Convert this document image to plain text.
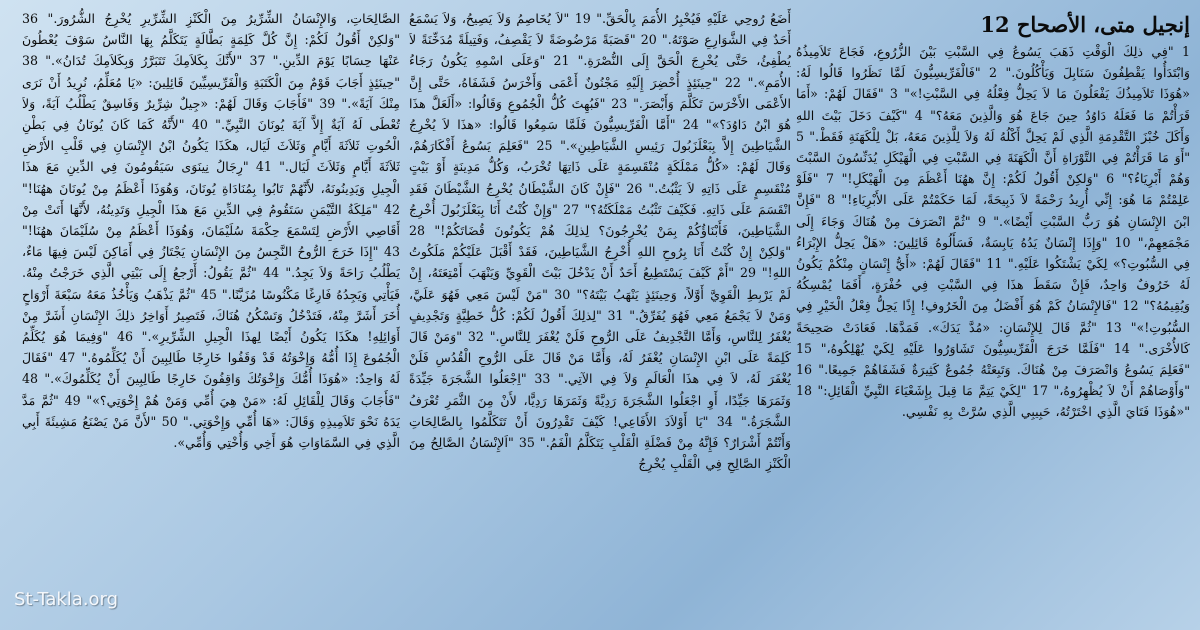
إنجيل متى، الأصحاح 12

1 "فِي ذلِكَ الْوَقْتِ ذَهَبَ يَسُوعُ فِي السَّبْتِ بَيْنَ الزُّرُوعِ، فَجَاعَ تَلاَمِيذُهُ وَابْتَدَأُوا يَقْطِفُونَ سَنَابِلَ وَيَأْكُلُونَ." 2 "فَالْفَرِّيسِيُّونَ لَمَّا نَظَرُوا قَالُوا لَهُ: «هُوَذَا تَلاَمِيذُكَ يَفْعَلُونَ مَا لاَ يَحِلُّ فِعْلُهُ فِي السَّبْتِ!»" 3 "فَقَالَ لَهُمْ: «أَمَا قَرَأْتُمْ مَا فَعَلَهُ دَاوُدُ حِينَ جَاعَ هُوَ وَالَّذِينَ مَعَهُ؟" 4 "كَيْفَ دَخَلَ بَيْتَ اللهِ وَأَكَلَ خُبْزَ التَّقْدِمَةِ الَّذِي لَمْ يَحِلَّ أَكْلُهُ لَهُ وَلاَ لِلَّذِينَ مَعَهُ، بَلْ لِلْكَهَنَةِ فَقَطْ." 5 "أَوَ مَا قَرَأْتُمْ فِي التَّوْرَاةِ أَنَّ الْكَهَنَةَ فِي السَّبْتِ فِي الْهَيْكَلِ يُدَنِّسُونَ السَّبْتَ وَهُمْ أَبْرِيَاءُ؟" 6 "وَلكِنْ أَقُولُ لَكُمْ: إِنَّ ههُنَا أَعْظَمَ مِنَ الْهَيْكَلِ!" 7 "فَلَوْ عَلِمْتُمْ مَا هُوَ: إِنِّي أُرِيدُ رَحْمَةً لاَ ذَبِيحَةً، لَمَا حَكَمْتُمْ عَلَى الأَبْرِيَاءِ!" 8 "فَإِنَّ ابْنَ الإِنْسَانِ هُوَ رَبُّ السَّبْتِ أَيْضًا»." 9 "ثُمَّ انْصَرَفَ مِنْ هُنَاكَ وَجَاءَ إِلَى مَجْمَعِهِمْ،" 10 "وَإِذَا إِنْسَانٌ يَدُهُ يَابِسَةٌ، فَسَأَلُوهُ قَائِلِينَ: «هَلْ يَحِلُّ الإِبْرَاءُ فِي السُّبُوتِ؟» لِكَيْ يَشْتَكُوا عَلَيْهِ." 11 "فَقَالَ لَهُمْ: «أَيُّ إِنْسَانٍ مِنْكُمْ يَكُونُ لَهُ خَرُوفٌ وَاحِدٌ، فَإِنْ سَقَطَ هذَا فِي السَّبْتِ فِي حُفْرَةٍ، أَفَمَا يُمْسِكُهُ وَيُقِيمُهُ؟" 12 "فَالإِنْسَانُ كَمْ هُوَ أَفْضَلُ مِنَ الْخَرُوفِ! إِذًا يَحِلُّ فِعْلُ الْخَيْرِ فِي السُّبُوتِ!»" 13 "ثُمَّ قَالَ لِلإِنْسَانِ: «مُدَّ يَدَكَ». فَمَدَّهَا. فَعَادَتْ صَحِيحَةً كَالأُخْرَى." 14 "فَلَمَّا خَرَجَ الْفَرِّيسِيُّونَ تَشَاوَرُوا عَلَيْهِ لِكَيْ يُهْلِكُوهُ،" 15 "فَعَلِمَ يَسُوعُ وَانْصَرَفَ مِنْ هُنَاكَ. وَتَبِعَتْهُ جُمُوعٌ كَثِيرَةٌ فَشَفَاهُمْ جَمِيعًا." 16 "وَأَوْصَاهُمْ أَنْ لاَ يُظْهِرُوهُ،" 17 "لِكَيْ يَتِمَّ مَا قِيلَ بِإِشَعْيَاءَ النَّبِيِّ الْقَائِلِ:" 18 "«هُوَذَا فَتَايَ الَّذِي اخْتَرْتُهُ، حَبِيبِي الَّذِي سُرَّتْ بِهِ نَفْسِي.

أَضَعُ رُوحِي عَلَيْهِ فَيُخْبِرُ الأُمَمَ بِالْحَقِّ." 19 "لاَ يُخَاصِمُ وَلاَ يَصِيحُ، وَلاَ يَسْمَعُ أَحَدٌ فِي الشَّوَارِعِ صَوْتَهُ." 20 "قَصَبَةً مَرْضُوضَةً لاَ يَقْصِفُ، وَفَتِيلَةً مُدَخِّنَةً لاَ يُطْفِئُ، حَتَّى يُخْرِجَ الْحَقَّ إِلَى النُّصْرَةِ." 21 "وَعَلَى اسْمِهِ يَكُونُ رَجَاءُ الأُمَمِ»." 22 "حِينَئِذٍ أُحْضِرَ إِلَيْهِ مَجْنُونٌ أَعْمَى وَأَخْرَسُ فَشَفَاهُ، حَتَّى إِنَّ الأَعْمَى الأَخْرَسَ تَكَلَّمَ وَأَبْصَرَ." 23 "فَبُهِتَ كُلُّ الْجُمُوعِ وَقَالُوا: «أَلَعَلَّ هذَا هُوَ ابْنُ دَاوُدَ؟»" 24 "أَمَّا الْفَرِّيسِيُّونَ فَلَمَّا سَمِعُوا قَالُوا: «هذَا لاَ يُخْرِجُ الشَّيَاطِينَ إِلاَّ بِبَعْلَزَبُولَ رَئِيسِ الشَّيَاطِينِ»." 25 "فَعَلِمَ يَسُوعُ أَفْكَارَهُمْ، وَقَالَ لَهُمْ: «كُلُّ مَمْلَكَةٍ مُنْقَسِمَةٍ عَلَى ذَاتِهَا تُخْرَبُ، وَكُلُّ مَدِينَةٍ أَوْ بَيْتٍ مُنْقَسِمٍ عَلَى ذَاتِهِ لاَ يَثْبُتُ." 26 "فَإِنْ كَانَ الشَّيْطَانُ يُخْرِجُ الشَّيْطَانَ فَقَدِ انْقَسَمَ عَلَى ذَاتِهِ. فَكَيْفَ تَثْبُتُ مَمْلَكَتُهُ؟" 27 "وَإِنْ كُنْتُ أَنَا بِبَعْلَزَبُولَ أُخْرِجُ الشَّيَاطِينَ، فَأَبْنَاؤُكُمْ بِمَنْ يُخْرِجُونَ؟ لِذلِكَ هُمْ يَكُونُونَ قُضَاتَكُمْ!" 28 "وَلكِنْ إِنْ كُنْتُ أَنَا بِرُوحِ اللهِ أُخْرِجُ الشَّيَاطِينَ، فَقَدْ أَقْبَلَ عَلَيْكُمْ مَلَكُوتُ اللهِ!" 29 "أَمْ كَيْفَ يَسْتَطِيعُ أَحَدٌ أَنْ يَدْخُلَ بَيْتَ الْقَوِيِّ وَيَنْهَبَ أَمْتِعَتَهُ، إِنْ لَمْ يَرْبِطِ الْقَوِيَّ أَوَّلاً، وَحِينَئِذٍ يَنْهَبُ بَيْتَهُ؟" 30 "مَنْ لَيْسَ مَعِي فَهُوَ عَلَيَّ، وَمَنْ لاَ يَجْمَعُ مَعِي فَهُوَ يُفَرِّقُ." 31 "لِذلِكَ أَقُولُ لَكُمْ: كُلُّ خَطِيَّةٍ وَتَجْدِيفٍ يُغْفَرُ لِلنَّاسِ، وَأَمَّا التَّجْدِيفُ عَلَى الرُّوحِ فَلَنْ يُغْفَرَ لِلنَّاسِ." 32 "وَمَنْ قَالَ كَلِمَةً عَلَى ابْنِ الإِنْسَانِ يُغْفَرُ لَهُ، وَأَمَّا مَنْ قَالَ عَلَى الرُّوحِ الْقُدُسِ فَلَنْ يُغْفَرَ لَهُ، لاَ فِي هذَا الْعَالَمِ وَلاَ فِي الآتِي." 33 "اِجْعَلُوا الشَّجَرَةَ جَيِّدَةً وَثَمَرَهَا جَيِّدًا، أَوِ اجْعَلُوا الشَّجَرَةَ رَدِيَّةً وَثَمَرَهَا رَدِيًّا، لأَنْ مِنَ الثَّمَرِ تُعْرَفُ الشَّجَرَةُ." 34 "يَا أَوْلاَدَ الأَفَاعِي! كَيْفَ تَقْدِرُونَ أَنْ تَتَكَلَّمُوا بِالصَّالِحَاتِ وَأَنْتُمْ أَشْرَارٌ؟ فَإِنَّهُ مِنْ فَضْلَةِ الْقَلْبِ يَتَكَلَّمُ الْفَمُ." 35 "اَلإِنْسَانُ الصَّالِحُ مِنَ الْكَنْزِ الصَّالِحِ فِي الْقَلْبِ يُخْرِجُ

الصَّالِحَاتِ، وَالإِنْسَانُ الشِّرِّيرُ مِنَ الْكَنْزِ الشِّرِّيرِ يُخْرِجُ الشُّرُورَ." 36 "وَلكِنْ أَقُولُ لَكُمْ: إِنَّ كُلَّ كَلِمَةٍ بَطَّالَةٍ يَتَكَلَّمُ بِهَا النَّاسُ سَوْفَ يُعْطُونَ عَنْهَا حِسَابًا يَوْمَ الدِّينِ." 37 "لأَنَّكَ بِكَلاَمِكَ تَتَبَرَّرُ وَبِكَلاَمِكَ تُدَانُ»." 38 "حِينَئِذٍ أَجَابَ قَوْمٌ مِنَ الْكَتَبَةِ وَالْفَرِّيسِيِّينَ قَائِلِينَ: «يَا مُعَلِّمُ، نُرِيدُ أَنْ نَرَى مِنْكَ آيَةً»." 39 "فَأَجَابَ وَقَالَ لَهُمْ: «جِيلٌ شِرِّيرٌ وَفَاسِقٌ يَطْلُبُ آيَةً، وَلاَ تُعْطَى لَهُ آيَةٌ إِلاَّ آيَةَ يُونَانَ النَّبِيِّ." 40 "لأَنَّهُ كَمَا كَانَ يُونَانُ فِي بَطْنِ الْحُوتِ ثَلاَثَةَ أَيَّامٍ وَثَلاَثَ لَيَال، هكَذَا يَكُونُ ابْنُ الإِنْسَانِ فِي قَلْبِ الأَرْضِ ثَلاَثَةَ أَيَّامٍ وَثَلاَثَ لَيَال." 41 "رِجَالُ نِينَوَى سَيَقُومُونَ فِي الدِّينِ مَعَ هذَا الْجِيلِ وَيَدِينُونَهُ، لأَنَّهُمْ تَابُوا بِمُنَادَاةِ يُونَانَ، وَهُوَذَا أَعْظَمُ مِنْ يُونَانَ ههُنَا!" 42 "مَلِكَةُ التَّيْمَنِ سَتَقُومُ فِي الدِّينِ مَعَ هذَا الْجِيلِ وَتَدِينُهُ، لأَنَّهَا أَتَتْ مِنْ أَقَاصِي الأَرْضِ لِتَسْمَعَ حِكْمَةَ سُلَيْمَانَ، وَهُوَذَا أَعْظَمُ مِنْ سُلَيْمَانَ ههُنَا!" 43 "إِذَا خَرَجَ الرُّوحُ النَّجِسُ مِنَ الإِنْسَانِ يَجْتَازُ فِي أَمَاكِنَ لَيْسَ فِيهَا مَاءٌ، يَطْلُبُ رَاحَةً وَلاَ يَجِدُ." 44 "ثُمَّ يَقُولُ: أَرْجعُ إِلَى بَيْتِي الَّذِي خَرَجْتُ مِنْهُ. فَيَأْتِي وَيَجِدُهُ فَارِغًا مَكْنُوسًا مُزَيَّنًا." 45 "ثُمَّ يَذْهَبُ وَيَأْخُذُ مَعَهُ سَبْعَةَ أَرْوَاحٍ أُخَرَ أَشَرَّ مِنْهُ، فَتَدْخُلُ وَتَسْكُنُ هُنَاكَ، فَتَصِيرُ أَوَاخِرُ ذلِكَ الإِنْسَانِ أَشَرَّ مِنْ أَوَائِلِهِ! هكَذَا يَكُونُ أَيْضًا لِهذَا الْجِيلِ الشِّرِّيرِ»." 46 "وَفِيمَا هُوَ يُكَلِّمُ الْجُمُوعَ إِذَا أُمُّهُ وَإِخْوَتُهُ قَدْ وَقَفُوا خَارِجًا طَالِبِينَ أَنْ يُكَلِّمُوهُ." 47 "فَقَالَ لَهُ وَاحِدٌ: «هُوَذَا أُمُّكَ وَإِخْوَتُكَ وَاقِفُونَ خَارِجًا طَالِبِينَ أَنْ يُكَلِّمُوكَ»." 48 "فَأَجَابَ وَقَالَ لِلْقَائِلِ لَهُ: «مَنْ هِيَ أُمِّي وَمَنْ هُمْ إِخْوَتِي؟»" 49 "ثُمَّ مَدَّ يَدَهُ نَحْوَ تَلاَمِيذِهِ وَقَالَ: «هَا أُمِّي وَإِخْوَتِي." 50 "لأَنَّ مَنْ يَصْنَعُ مَشِيئَةَ أَبِي الَّذِي فِي السَّمَاوَاتِ هُوَ أَخِي وَأُخْتِي وَأُمِّي».

St-Takla.org
